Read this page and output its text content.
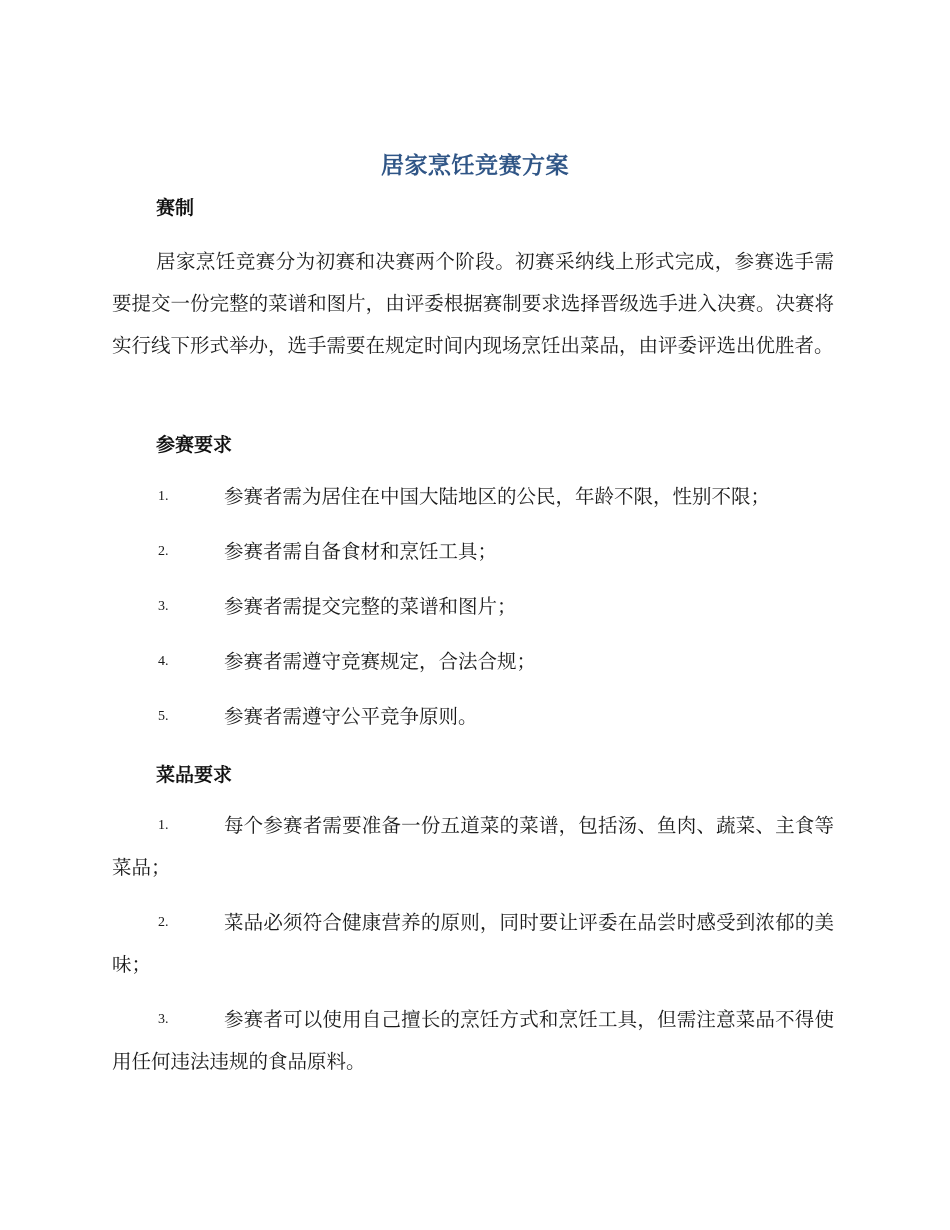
居家烹饪竞赛方案
赛制

居家烹饪竞赛分为初赛和决赛两个阶段。初赛采纳线上形式完成，参赛选手需要提交一份完整的菜谱和图片，由评委根据赛制要求选择晋级选手进入决赛。决赛将实行线下形式举办，选手需要在规定时间内现场烹饪出菜品，由评委评选出优胜者。

参赛要求
1.	参赛者需为居住在中国大陆地区的公民，年龄不限，性别不限；
2.	参赛者需自备食材和烹饪工具；
3.	参赛者需提交完整的菜谱和图片；
4.	参赛者需遵守竞赛规定，合法合规；
5.	参赛者需遵守公平竞争原则。
菜品要求
1.	每个参赛者需要准备一份五道菜的菜谱，包括汤、鱼肉、蔬菜、主食等菜品；
2.	菜品必须符合健康营养的原则，同时要让评委在品尝时感受到浓郁的美味；
3.	参赛者可以使用自己擅长的烹饪方式和烹饪工具，但需注意菜品不得使用任何违法违规的食品原料。
